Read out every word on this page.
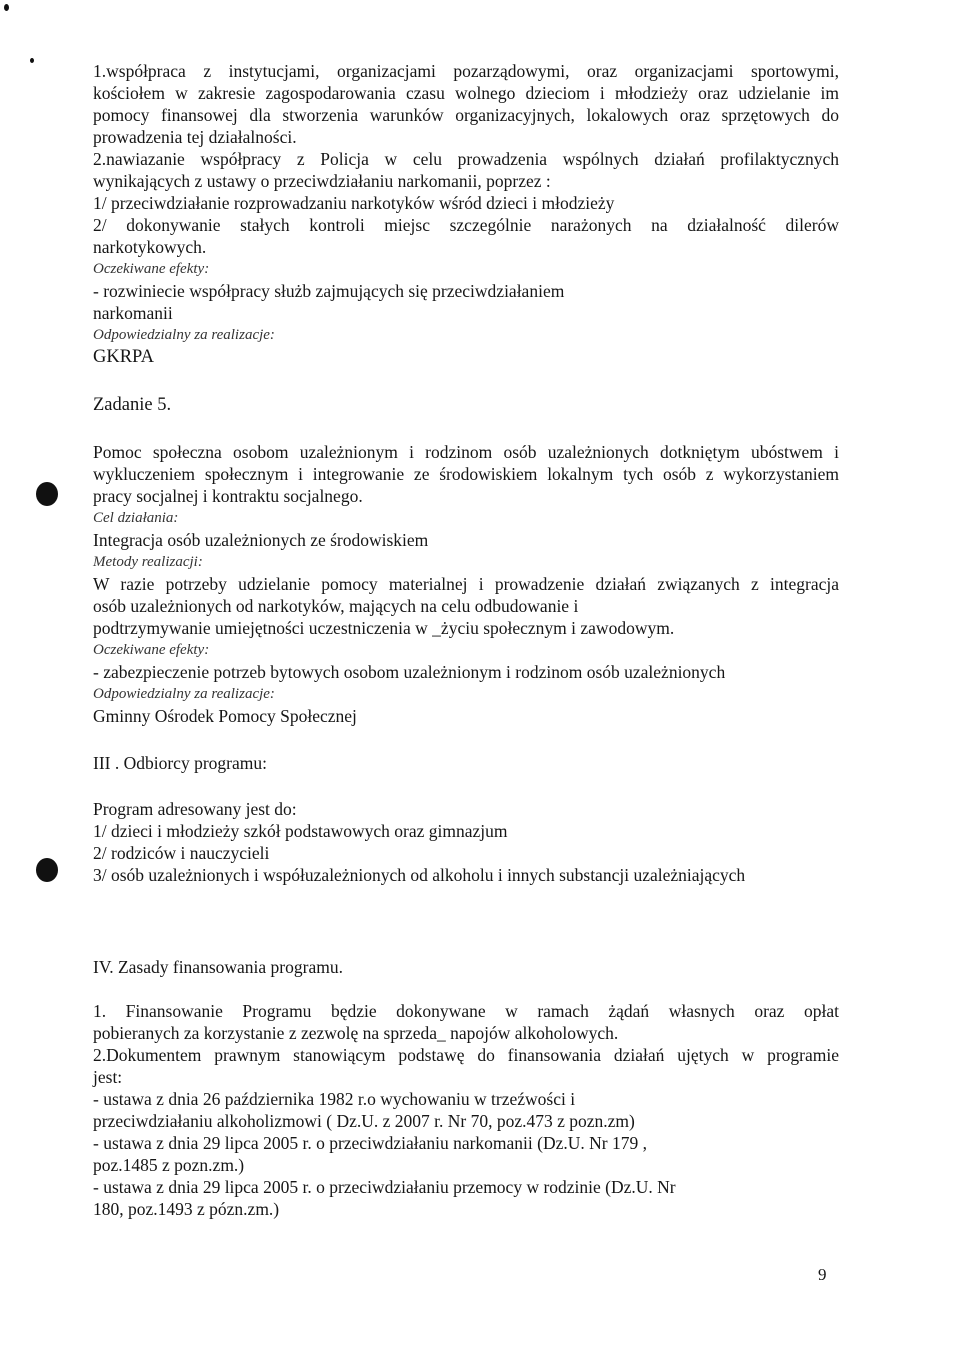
1.współpraca z instytucjami, organizacjami pozarządowymi, oraz organizacjami sportowymi,

kościołem w zakresie zagospodarowania czasu wolnego dzieciom i młodzieży oraz udzielanie im

pomocy finansowej dla stworzenia warunków organizacyjnych, lokalowych oraz sprzętowych do

prowadzenia tej działalności.

2.nawiazanie współpracy z Policja w celu prowadzenia wspólnych działań profilaktycznych

wynikających z ustawy o przeciwdziałaniu narkomanii, poprzez :

1/ przeciwdziałanie rozprowadzaniu narkotyków wśród dzieci i młodzieży

2/ dokonywanie stałych kontroli miejsc szczególnie narażonych na działalność dilerów

narkotykowych.

Oczekiwane efekty:

- rozwiniecie współpracy służb zajmujących się przeciwdziałaniem

narkomanii

Odpowiedzialny za realizacje:

GKRPA

Zadanie 5.

Pomoc społeczna osobom uzależnionym i rodzinom osób uzależnionych dotkniętym ubóstwem i

wykluczeniem społecznym i integrowanie ze środowiskiem lokalnym tych osób z wykorzystaniem

pracy socjalnej i kontraktu socjalnego.

Cel działania:

Integracja osób uzależnionych ze środowiskiem

Metody realizacji:

W razie potrzeby udzielanie pomocy materialnej i prowadzenie działań związanych z integracja

osób uzależnionych od narkotyków, mających na celu odbudowanie i

podtrzymywanie umiejętności uczestniczenia w _życiu społecznym i zawodowym.

Oczekiwane efekty:

- zabezpieczenie potrzeb bytowych osobom uzależnionym i rodzinom osób uzależnionych

Odpowiedzialny za realizacje:

Gminny Ośrodek Pomocy Społecznej

III . Odbiorcy programu:

Program adresowany jest do:

1/ dzieci i młodzieży szkół podstawowych oraz gimnazjum

2/ rodziców i nauczycieli

3/ osób uzależnionych i współuzależnionych od alkoholu i innych substancji uzależniających

IV. Zasady finansowania programu.

1. Finansowanie Programu będzie dokonywane w ramach żądań własnych oraz opłat

pobieranych za korzystanie z zezwolę na sprzeda_ napojów alkoholowych.

2.Dokumentem prawnym stanowiącym podstawę do finansowania działań ujętych w programie

jest:

- ustawa z dnia 26 października 1982 r.o wychowaniu w trzeźwości i

przeciwdziałaniu alkoholizmowi ( Dz.U. z 2007 r. Nr 70, poz.473 z pozn.zm)

- ustawa z dnia 29 lipca 2005 r. o przeciwdziałaniu narkomanii (Dz.U. Nr 179 ,

poz.1485 z pozn.zm.)

- ustawa z dnia 29 lipca 2005 r. o przeciwdziałaniu przemocy w rodzinie (Dz.U. Nr

180, poz.1493 z pózn.zm.)

9
